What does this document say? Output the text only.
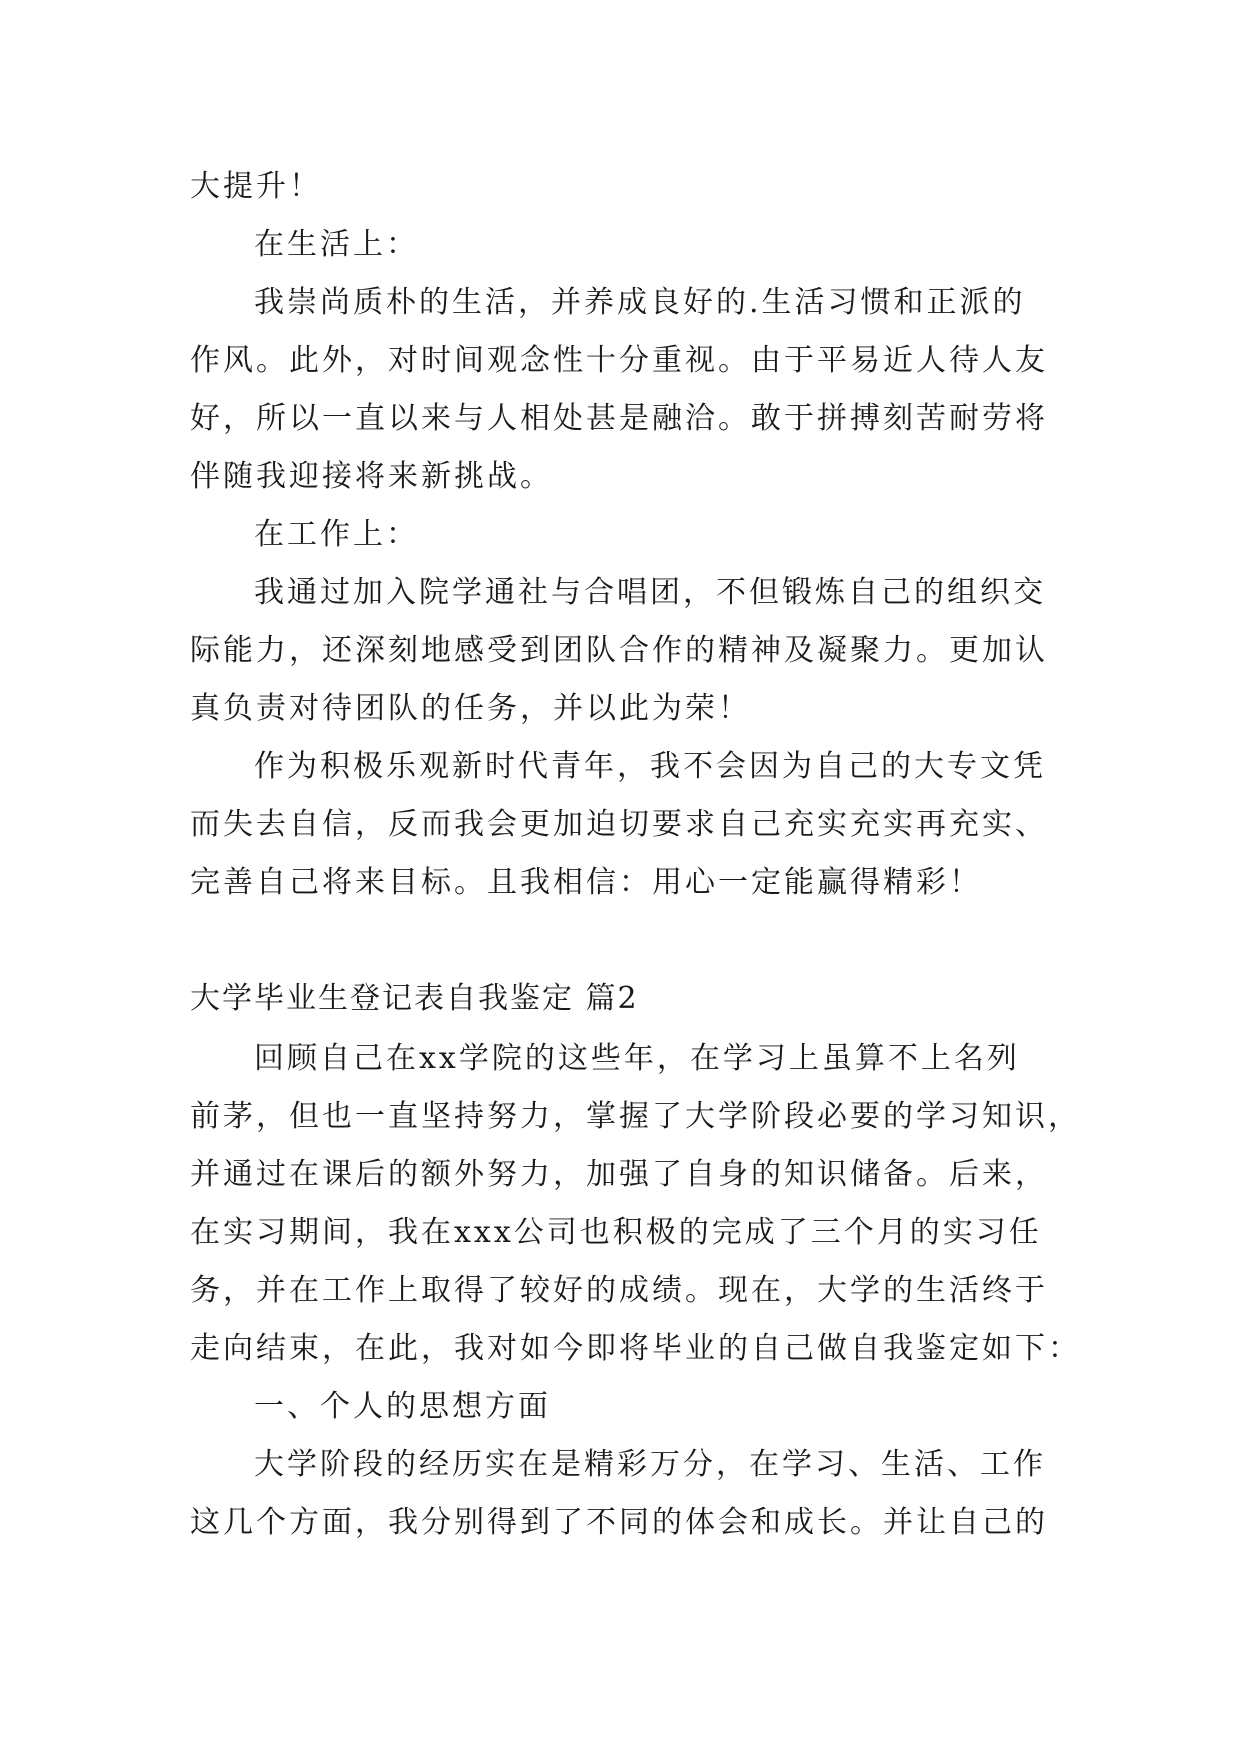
大提升！
在生活上：
我崇尚质朴的生活，并养成良好的.生活习惯和正派的
作风。此外，对时间观念性十分重视。由于平易近人待人友
好，所以一直以来与人相处甚是融洽。敢于拼搏刻苦耐劳将
伴随我迎接将来新挑战。
在工作上：
我通过加入院学通社与合唱团，不但锻炼自己的组织交
际能力，还深刻地感受到团队合作的精神及凝聚力。更加认
真负责对待团队的任务，并以此为荣！
作为积极乐观新时代青年，我不会因为自己的大专文凭
而失去自信，反而我会更加迫切要求自己充实充实再充实、
完善自己将来目标。且我相信：用心一定能赢得精彩！
大学毕业生登记表自我鉴定 篇2
回顾自己在xx学院的这些年，在学习上虽算不上名列
前茅，但也一直坚持努力，掌握了大学阶段必要的学习知识，
并通过在课后的额外努力，加强了自身的知识储备。后来，
在实习期间，我在xxx公司也积极的完成了三个月的实习任
务，并在工作上取得了较好的成绩。现在，大学的生活终于
走向结束，在此，我对如今即将毕业的自己做自我鉴定如下：
一、个人的思想方面
大学阶段的经历实在是精彩万分，在学习、生活、工作
这几个方面，我分别得到了不同的体会和成长。并让自己的
